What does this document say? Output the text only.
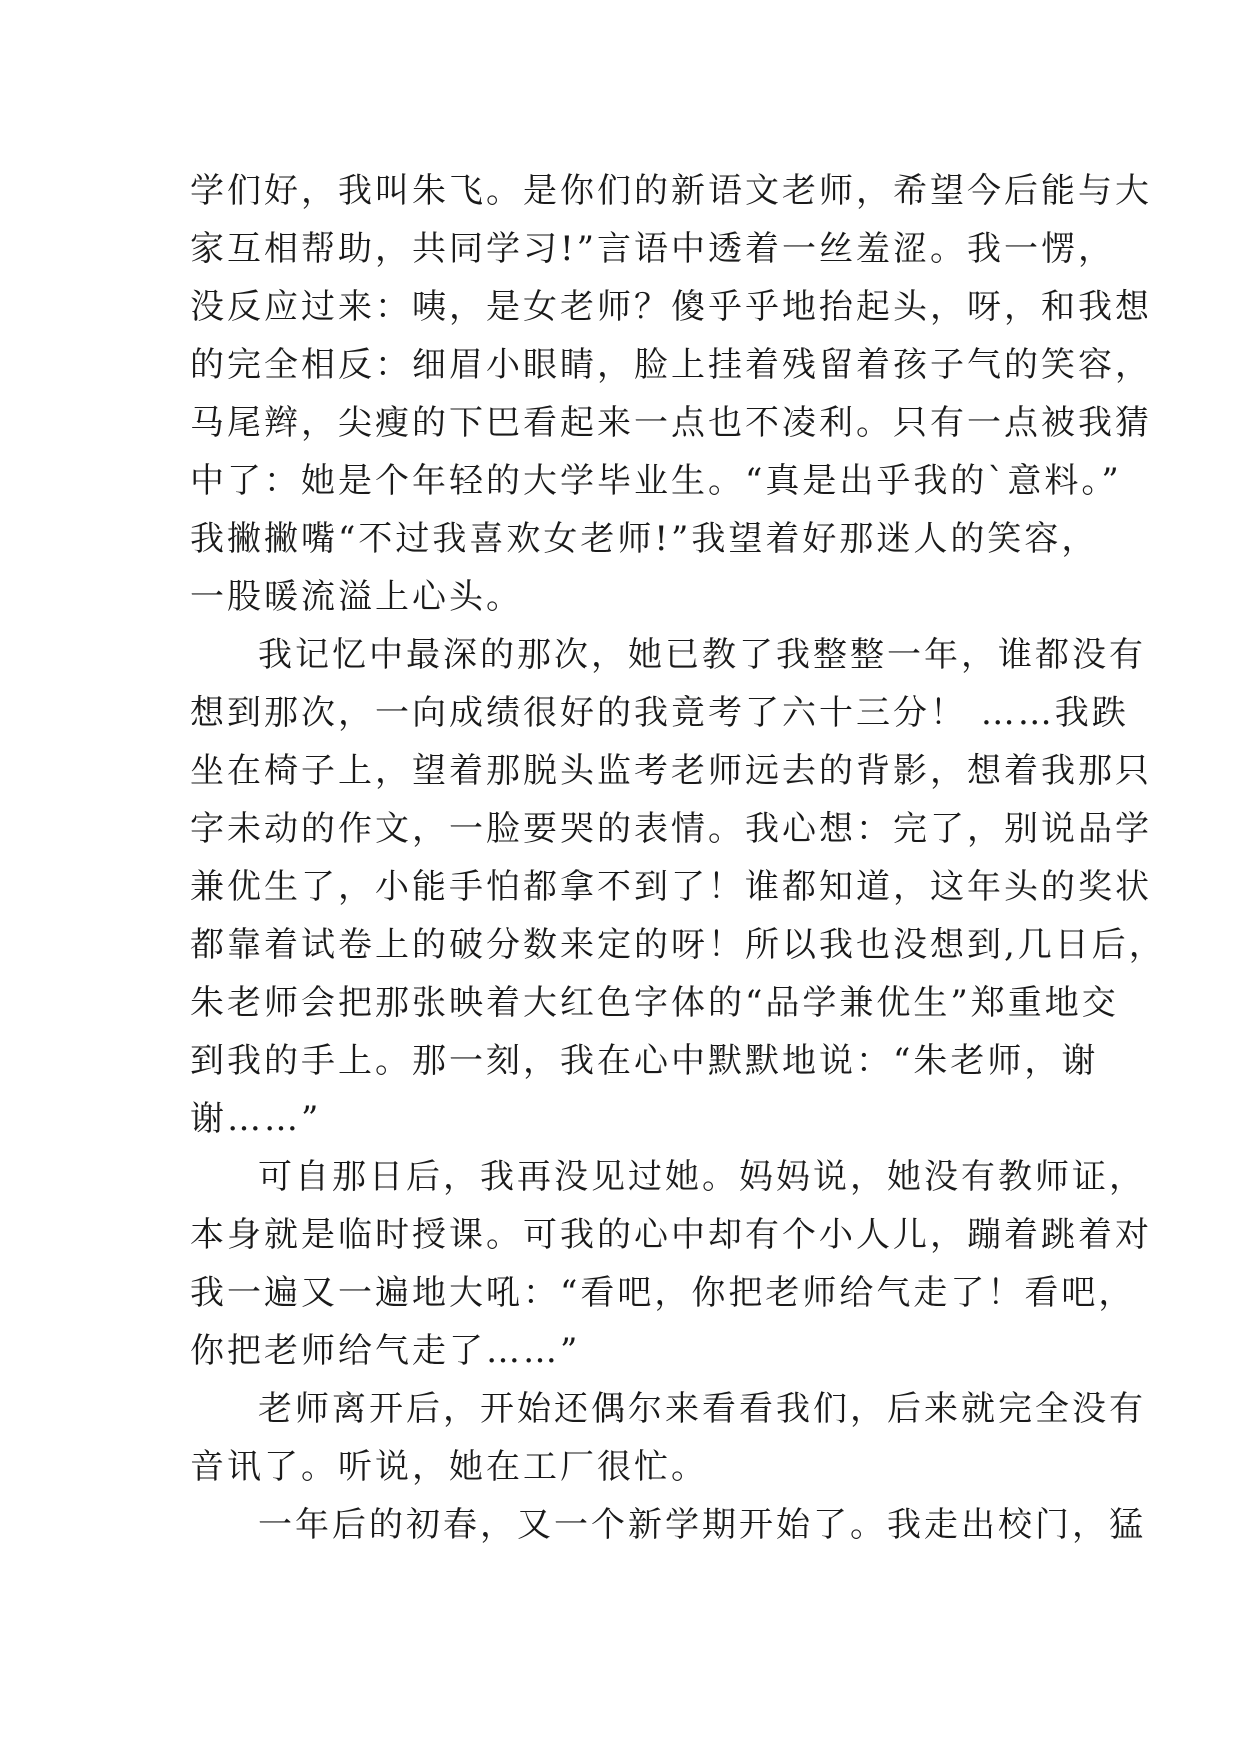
学们好，我叫朱飞。是你们的新语文老师，希望今后能与大
家互相帮助，共同学习!”言语中透着一丝羞涩。我一愣，
没反应过来：咦，是女老师？傻乎乎地抬起头，呀，和我想
的完全相反：细眉小眼睛，脸上挂着残留着孩子气的笑容，
马尾辫，尖瘦的下巴看起来一点也不凌利。只有一点被我猜
中了：她是个年轻的大学毕业生。“真是出乎我的`意料。”
我撇撇嘴“不过我喜欢女老师!”我望着好那迷人的笑容，
一股暖流溢上心头。
我记忆中最深的那次，她已教了我整整一年，谁都没有
想到那次，一向成绩很好的我竟考了六十三分！ ……我跌
坐在椅子上，望着那脱头监考老师远去的背影，想着我那只
字未动的作文，一脸要哭的表情。我心想：完了，别说品学
兼优生了，小能手怕都拿不到了！谁都知道，这年头的奖状
都靠着试卷上的破分数来定的呀！所以我也没想到,几日后，
朱老师会把那张映着大红色字体的“品学兼优生”郑重地交
到我的手上。那一刻，我在心中默默地说：“朱老师，谢
谢……”
可自那日后，我再没见过她。妈妈说，她没有教师证，
本身就是临时授课。可我的心中却有个小人儿，蹦着跳着对
我一遍又一遍地大吼：“看吧，你把老师给气走了！看吧，
你把老师给气走了……”
老师离开后，开始还偶尔来看看我们，后来就完全没有
音讯了。听说，她在工厂很忙。
一年后的初春，又一个新学期开始了。我走出校门，猛
